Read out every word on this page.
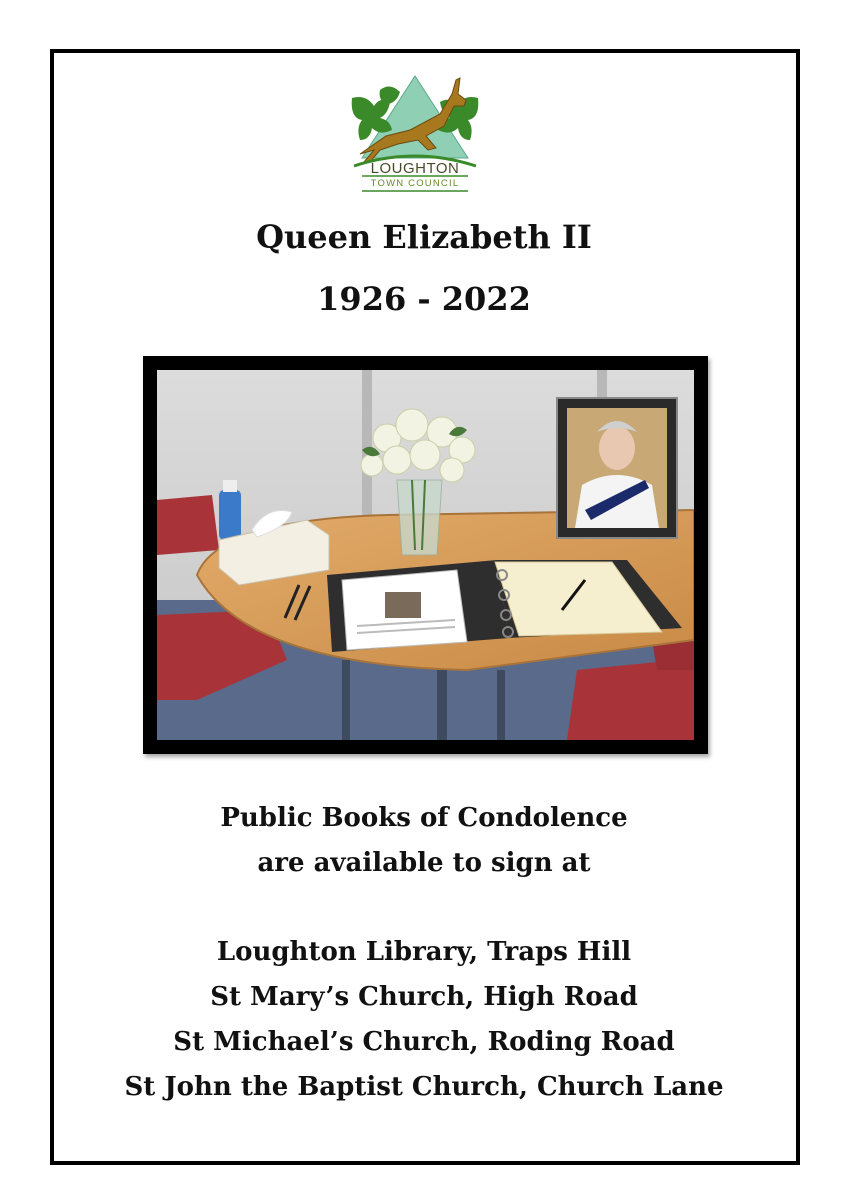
LOUGHTON
TOWN COUNCIL
Queen Elizabeth II
1926 - 2022
Public Books of Condolence
are available to sign at
Loughton Library, Traps Hill
St Mary’s Church, High Road
St Michael’s Church, Roding Road
St John the Baptist Church, Church Lane
